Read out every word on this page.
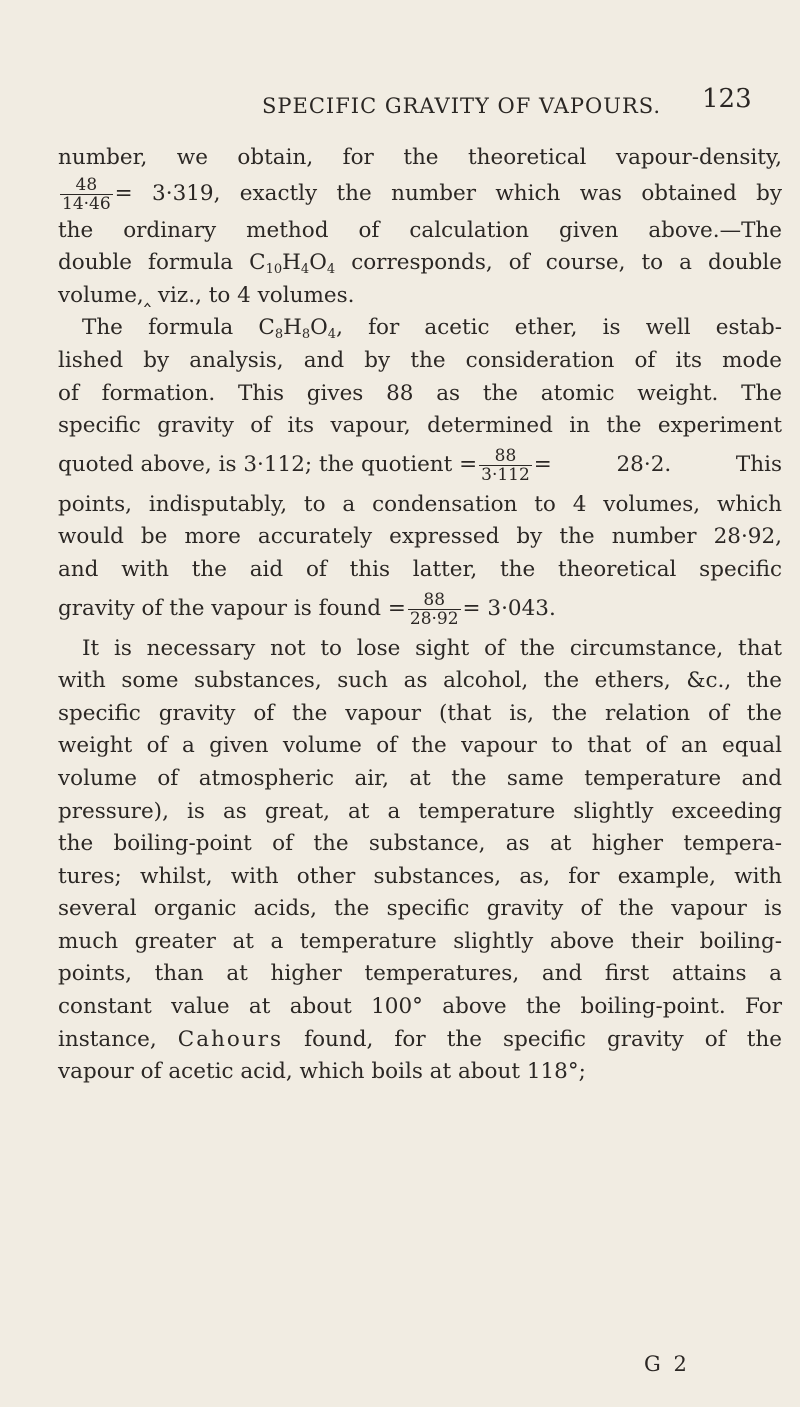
SPECIFIC GRAVITY OF VAPOURS. 123
number, we obtain, for the theoretical vapour-density,
$\frac{48}{14\cdot 46} = 3\cdot 319$, exactly the number which was obtained by
the ordinary method of calculation given above.—The
double formula $C_{10}H_4O_4$ corresponds, of course, to a double
volume,‸ viz., to 4 volumes.
The formula $C_8H_8O_4$, for acetic ether, is well estab-
lished by analysis, and by the consideration of its mode
of formation. This gives 88 as the atomic weight. The
specific gravity of its vapour, determined in the experiment
quoted above, is 3·112; the quotient = $\frac{88}{3\cdot 112} = 28\cdot 2$. This
points, indisputably, to a condensation to 4 volumes, which
would be more accurately expressed by the number 28·92,
and with the aid of this latter, the theoretical specific
gravity of the vapour is found = $\frac{88}{28\cdot 92} = 3\cdot 043$.
It is necessary not to lose sight of the circumstance, that
with some substances, such as alcohol, the ethers, &c., the
specific gravity of the vapour (that is, the relation of the
weight of a given volume of the vapour to that of an equal
volume of atmospheric air, at the same temperature and
pressure), is as great, at a temperature slightly exceeding
the boiling-point of the substance, as at higher tempera-
tures; whilst, with other substances, as, for example, with
several organic acids, the specific gravity of the vapour is
much greater at a temperature slightly above their boiling-
points, than at higher temperatures, and first attains a
constant value at about 100° above the boiling-point. For
instance, Cahours found, for the specific gravity of the
vapour of acetic acid, which boils at about 118°;
G 2
